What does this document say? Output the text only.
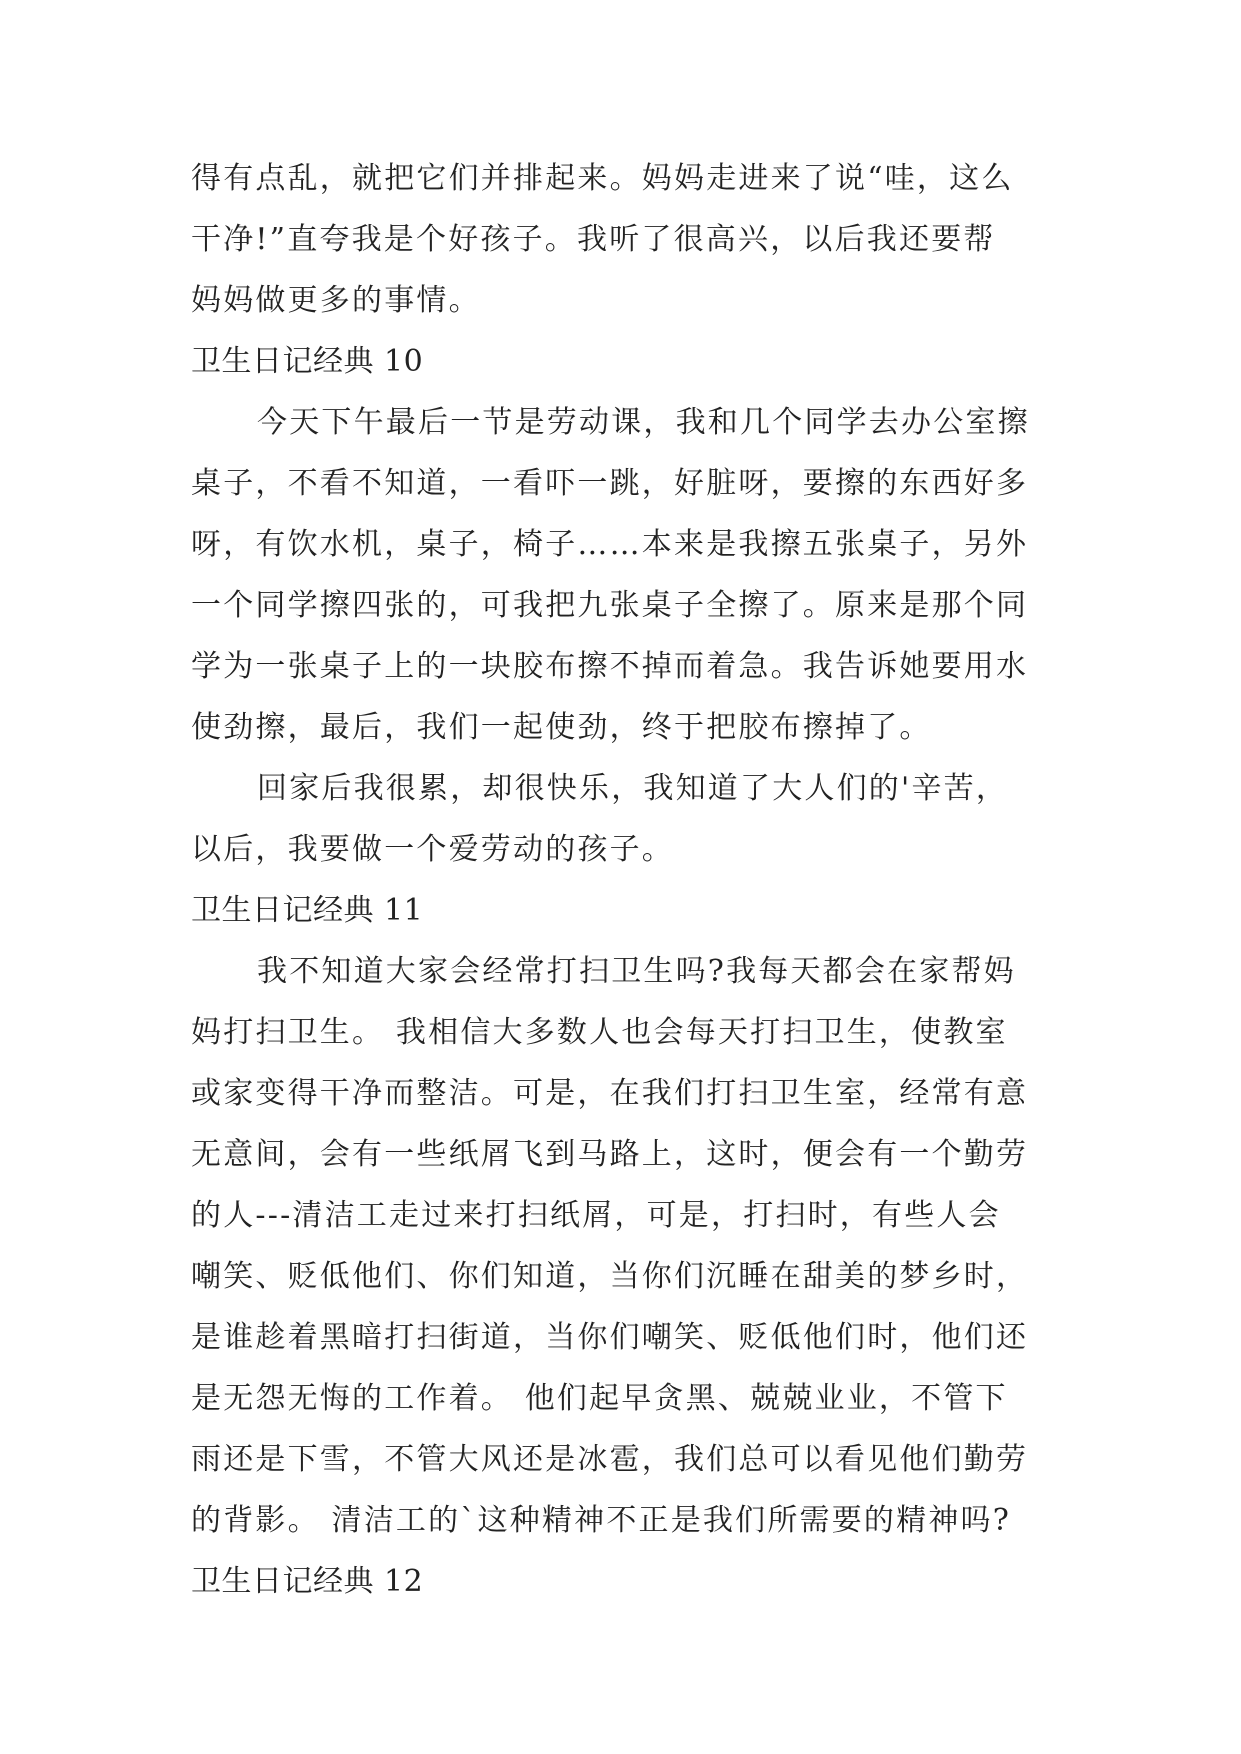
得有点乱，就把它们并排起来。妈妈走进来了说“哇，这么
干净!”直夸我是个好孩子。我听了很高兴，以后我还要帮
妈妈做更多的事情。
卫生日记经典 10
今天下午最后一节是劳动课，我和几个同学去办公室擦
桌子，不看不知道，一看吓一跳，好脏呀，要擦的东西好多
呀，有饮水机，桌子，椅子……本来是我擦五张桌子，另外
一个同学擦四张的，可我把九张桌子全擦了。原来是那个同
学为一张桌子上的一块胶布擦不掉而着急。我告诉她要用水
使劲擦，最后，我们一起使劲，终于把胶布擦掉了。
回家后我很累，却很快乐，我知道了大人们的'辛苦，
以后，我要做一个爱劳动的孩子。
卫生日记经典 11
我不知道大家会经常打扫卫生吗?我每天都会在家帮妈
妈打扫卫生。 我相信大多数人也会每天打扫卫生，使教室
或家变得干净而整洁。可是，在我们打扫卫生室，经常有意
无意间，会有一些纸屑飞到马路上，这时，便会有一个勤劳
的人---清洁工走过来打扫纸屑，可是，打扫时，有些人会
嘲笑、贬低他们、你们知道，当你们沉睡在甜美的梦乡时，
是谁趁着黑暗打扫街道，当你们嘲笑、贬低他们时，他们还
是无怨无悔的工作着。 他们起早贪黑、兢兢业业，不管下
雨还是下雪，不管大风还是冰雹，我们总可以看见他们勤劳
的背影。 清洁工的`这种精神不正是我们所需要的精神吗?
卫生日记经典 12
